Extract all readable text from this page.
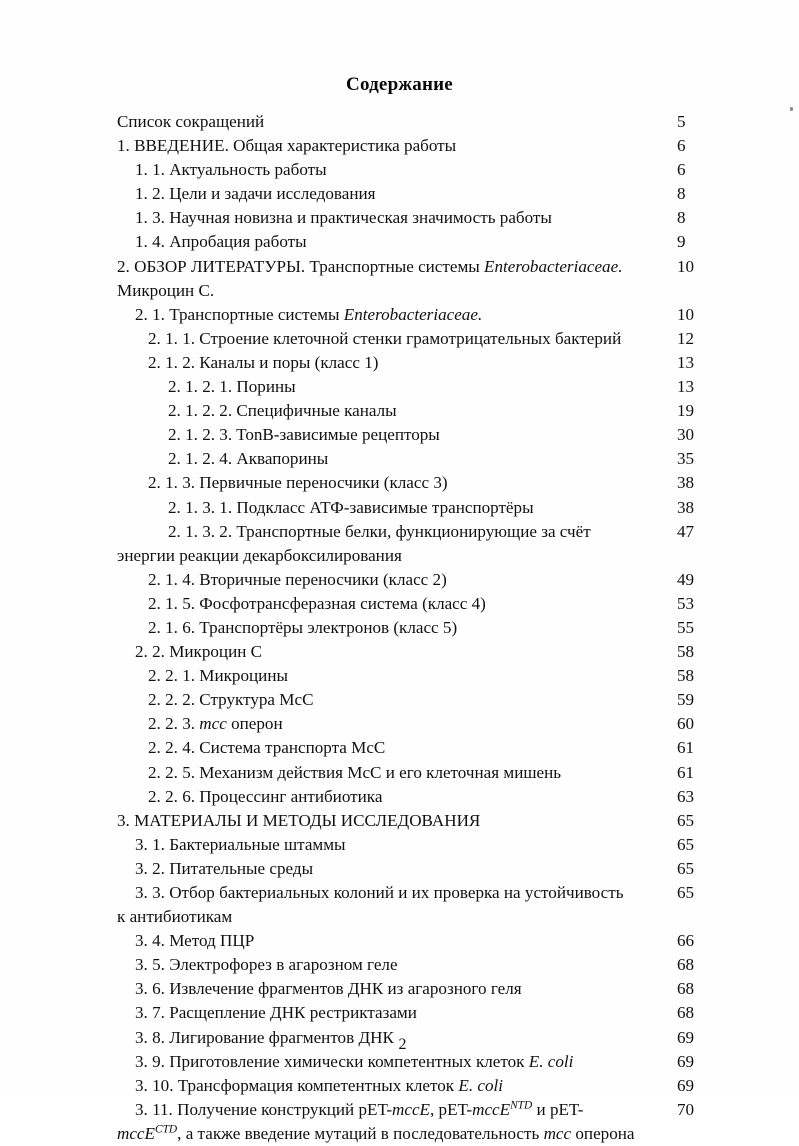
Содержание
Список сокращений	5
1. ВВЕДЕНИЕ. Общая характеристика работы	6
1. 1. Актуальность работы	6
1. 2. Цели и задачи исследования	8
1. 3. Научная новизна и практическая значимость работы	8
1. 4. Апробация работы	9
2. ОБЗОР ЛИТЕРАТУРЫ. Транспортные системы Enterobacteriaceae.	10
Микроцин С.
2. 1. Транспортные системы Enterobacteriaceae.	10
2. 1. 1. Строение клеточной стенки грамотрицательных бактерий	12
2. 1. 2. Каналы и поры (класс 1)	13
2. 1. 2. 1. Порины	13
2. 1. 2. 2. Специфичные каналы	19
2. 1. 2. 3. TonB-зависимые рецепторы	30
2. 1. 2. 4. Аквапорины	35
2. 1. 3. Первичные переносчики (класс 3)	38
2. 1. 3. 1. Подкласс АТФ-зависимые транспортёры	38
2. 1. 3. 2. Транспортные белки, функционирующие за счёт	47
энергии реакции декарбоксилирования
2. 1. 4. Вторичные переносчики (класс 2)	49
2. 1. 5. Фосфотрансферазная система (класс 4)	53
2. 1. 6. Транспортёры электронов (класс 5)	55
2. 2. Микроцин С	58
2. 2. 1. Микроцины	58
2. 2. 2. Структура McC	59
2. 2. 3. mcc оперон	60
2. 2. 4. Система транспорта McC	61
2. 2. 5. Механизм действия McC и его клеточная мишень	61
2. 2. 6. Процессинг антибиотика	63
3. МАТЕРИАЛЫ И МЕТОДЫ ИССЛЕДОВАНИЯ	65
3. 1. Бактериальные штаммы	65
3. 2. Питательные среды	65
3. 3. Отбор бактериальных колоний и их проверка на устойчивость	65
к антибиотикам
3. 4. Метод ПЦР	66
3. 5. Электрофорез в агарозном геле	68
3. 6. Извлечение фрагментов ДНК из агарозного геля	68
3. 7. Расщепление ДНК рестриктазами	68
3. 8. Лигирование фрагментов ДНК	69
3. 9. Приготовление химически компетентных клеток E. coli	69
3. 10. Трансформация компетентных клеток E. coli	69
3. 11. Получение конструкций pET-mccE, pET-mccE$^{NTD}$ и pET-	70
mccE$^{CTD}$, а также введение мутаций в последовательность mcc оперона
2
